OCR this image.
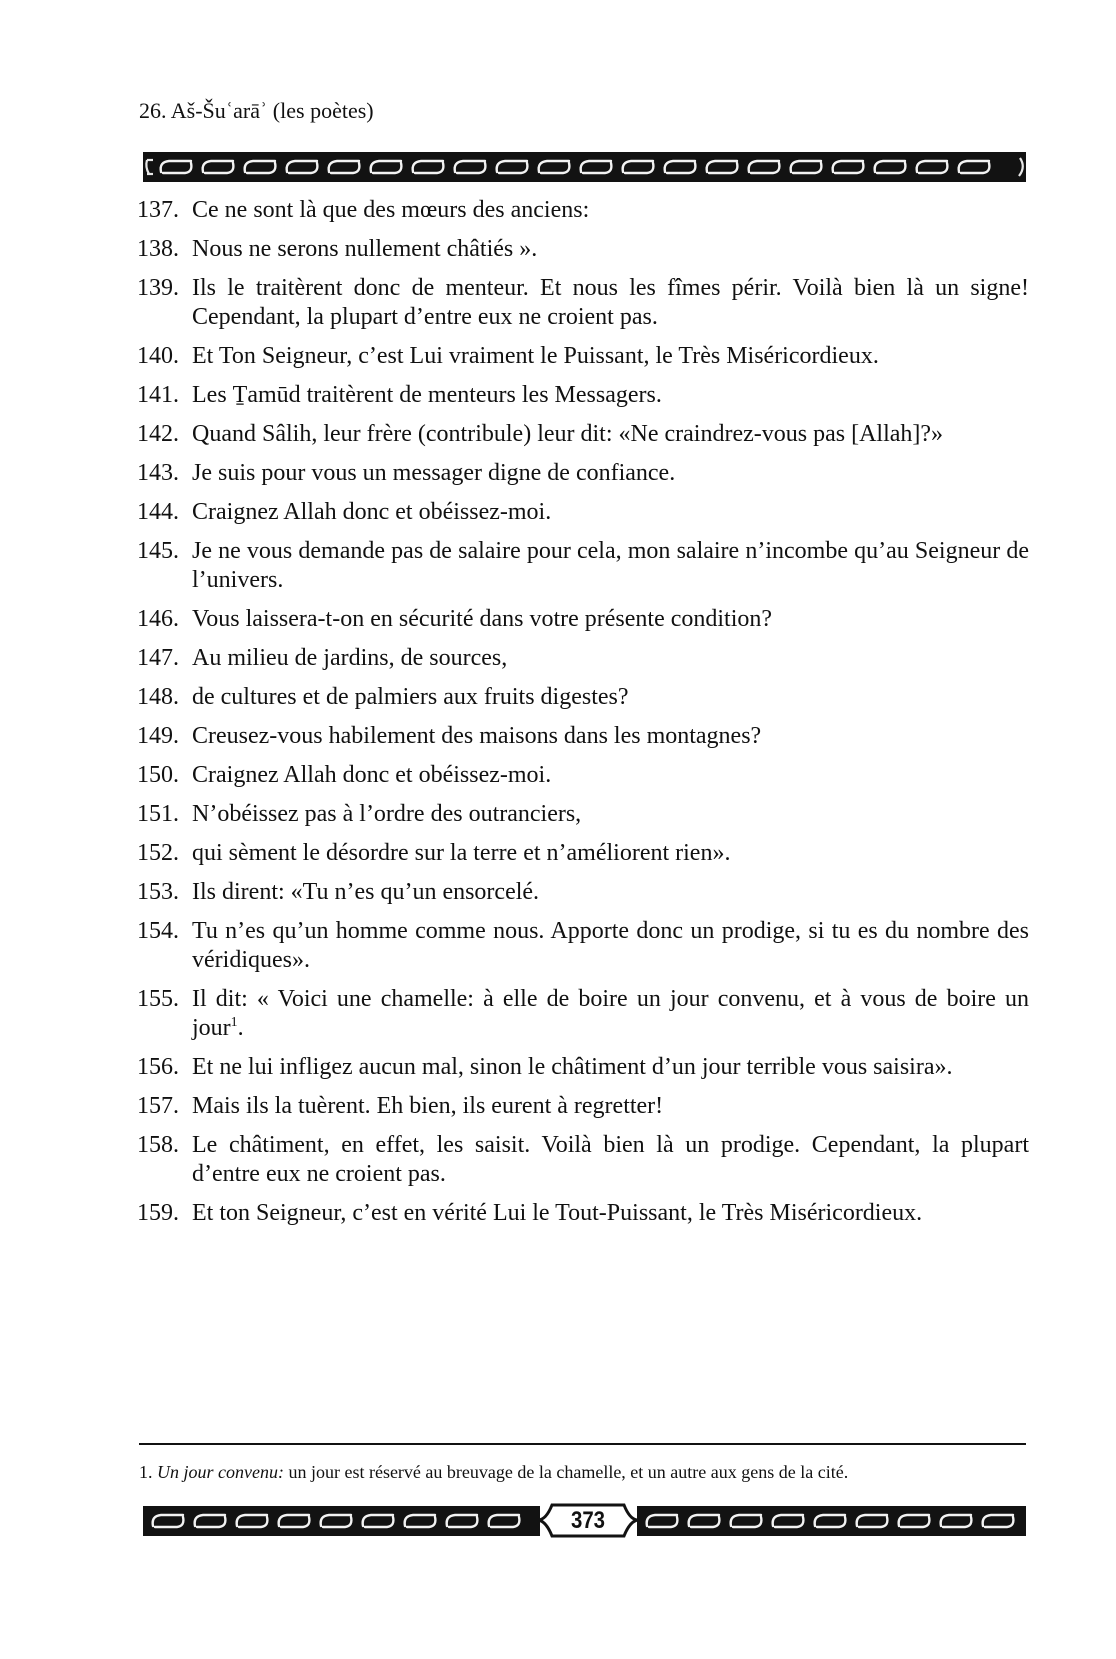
26. Aš-Šuʿarāʾ (les poètes)
137. Ce ne sont là que des mœurs des anciens:
138. Nous ne serons nullement châtiés ».
139. Ils le traitèrent donc de menteur. Et nous les fîmes périr. Voilà bien là un signe! Cependant, la plupart d’entre eux ne croient pas.
140. Et Ton Seigneur, c’est Lui vraiment le Puissant, le Très Miséricordieux.
141. Les Ṯamūd traitèrent de menteurs les Messagers.
142. Quand Sâlih, leur frère (contribule) leur dit: «Ne craindrez-vous pas [Allah]?»
143. Je suis pour vous un messager digne de confiance.
144. Craignez Allah donc et obéissez-moi.
145. Je ne vous demande pas de salaire pour cela, mon salaire n’incombe qu’au Seigneur de l’univers.
146. Vous laissera-t-on en sécurité dans votre présente condition?
147. Au milieu de jardins, de sources,
148. de cultures et de palmiers aux fruits digestes?
149. Creusez-vous habilement des maisons dans les montagnes?
150. Craignez Allah donc et obéissez-moi.
151. N’obéissez pas à l’ordre des outranciers,
152. qui sèment le désordre sur la terre et n’améliorent rien».
153. Ils dirent: «Tu n’es qu’un ensorcelé.
154. Tu n’es qu’un homme comme nous. Apporte donc un prodige, si tu es du nombre des véridiques».
155. Il dit: « Voici une chamelle: à elle de boire un jour convenu, et à vous de boire un jour$^1$.
156. Et ne lui infligez aucun mal, sinon le châtiment d’un jour terrible vous saisira».
157. Mais ils la tuèrent. Eh bien, ils eurent à regretter!
158. Le châtiment, en effet, les saisit. Voilà bien là un prodige. Cependant, la plupart d’entre eux ne croient pas.
159. Et ton Seigneur, c’est en vérité Lui le Tout-Puissant, le Très Miséricordieux.
1. Un jour convenu: un jour est réservé au breuvage de la chamelle, et un autre aux gens de la cité.
373
